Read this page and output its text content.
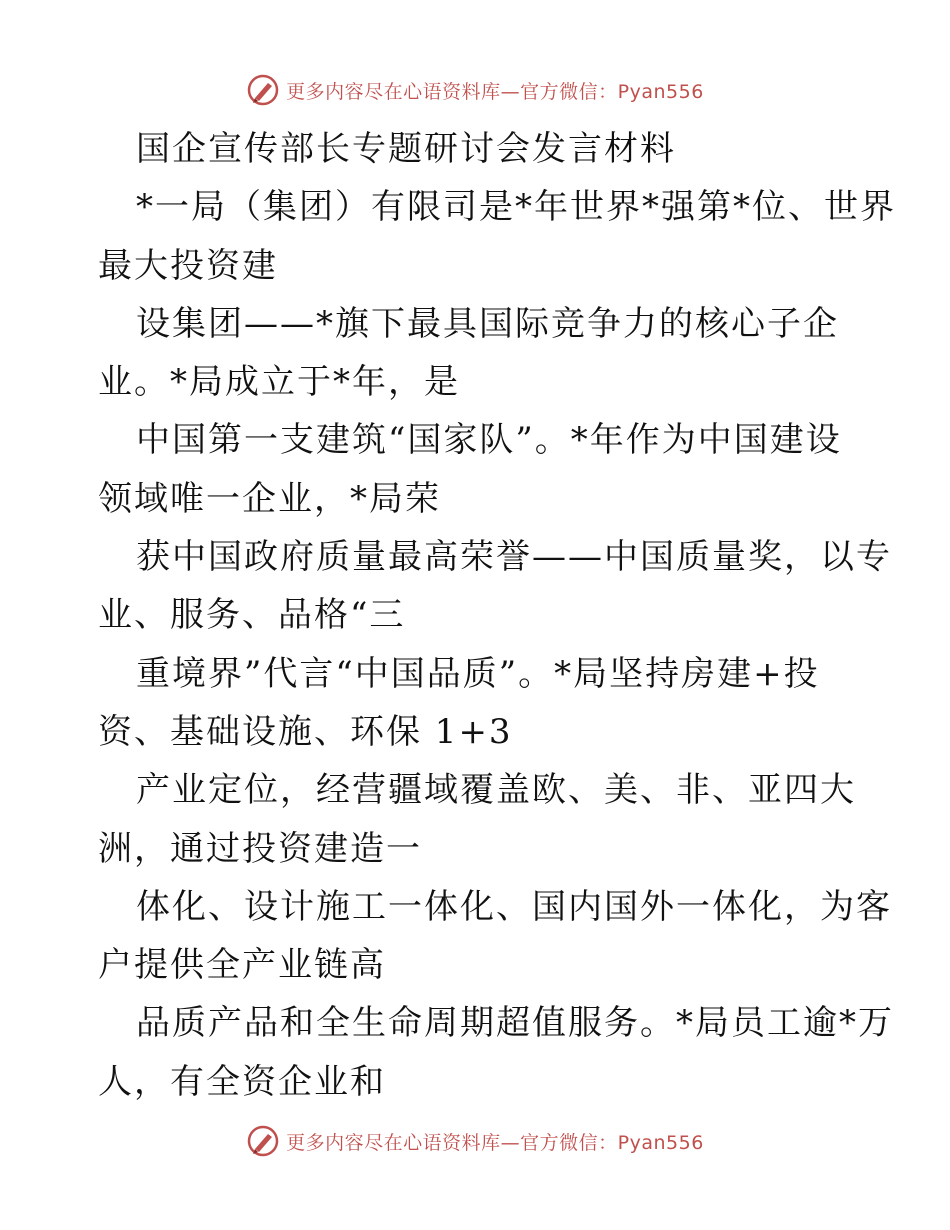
更多内容尽在心语资料库—官方微信：Pyan556
国企宣传部长专题研讨会发言材料
*一局（集团）有限司是*年世界*强第*位、世界
最大投资建
设集团——*旗下最具国际竞争力的核心子企
业。*局成立于*年，是
中国第一支建筑“国家队”。*年作为中国建设
领域唯一企业，*局荣
获中国政府质量最高荣誉——中国质量奖，以专
业、服务、品格“三
重境界”代言“中国品质”。*局坚持房建+投
资、基础设施、环保 1+3
产业定位，经营疆域覆盖欧、美、非、亚四大
洲，通过投资建造一
体化、设计施工一体化、国内国外一体化，为客
户提供全产业链高
品质产品和全生命周期超值服务。*局员工逾*万
人，有全资企业和
更多内容尽在心语资料库—官方微信：Pyan556
